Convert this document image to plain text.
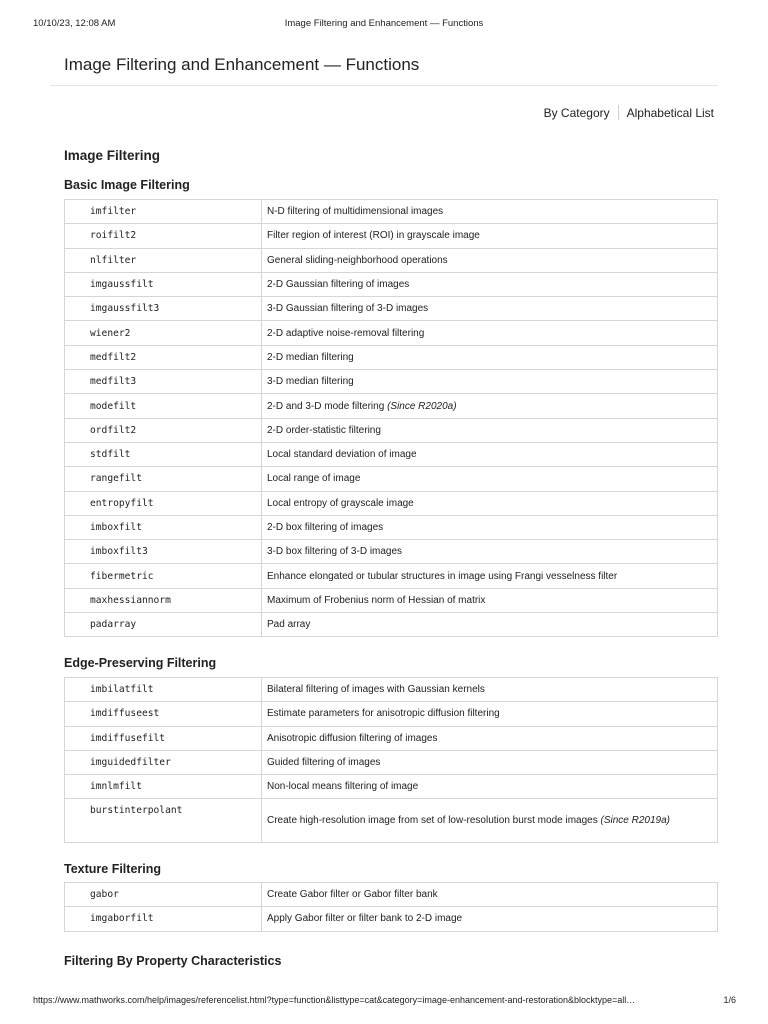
10/10/23, 12:08 AM	Image Filtering and Enhancement — Functions
Image Filtering and Enhancement — Functions
By Category Alphabetical List
Image Filtering
Basic Image Filtering
imfilter	N-D filtering of multidimensional images
roifilt2	Filter region of interest (ROI) in grayscale image
nlfilter	General sliding-neighborhood operations
imgaussfilt	2-D Gaussian filtering of images
imgaussfilt3	3-D Gaussian filtering of 3-D images
wiener2	2-D adaptive noise-removal filtering
medfilt2	2-D median filtering
medfilt3	3-D median filtering
modefilt	2-D and 3-D mode filtering (Since R2020a)
ordfilt2	2-D order-statistic filtering
stdfilt	Local standard deviation of image
rangefilt	Local range of image
entropyfilt	Local entropy of grayscale image
imboxfilt	2-D box filtering of images
imboxfilt3	3-D box filtering of 3-D images
fibermetric	Enhance elongated or tubular structures in image using Frangi vesselness filter
maxhessiannorm	Maximum of Frobenius norm of Hessian of matrix
padarray	Pad array
Edge-Preserving Filtering
imbilatfilt	Bilateral filtering of images with Gaussian kernels
imdiffuseest	Estimate parameters for anisotropic diffusion filtering
imdiffusefilt	Anisotropic diffusion filtering of images
imguidedfilter	Guided filtering of images
imnlmfilt	Non-local means filtering of image
burstinterpolant	Create high-resolution image from set of low-resolution burst mode images (Since R2019a)
Texture Filtering
gabor	Create Gabor filter or Gabor filter bank
imgaborfilt	Apply Gabor filter or filter bank to 2-D image
Filtering By Property Characteristics
https://www.mathworks.com/help/images/referencelist.html?type=function&listtype=cat&category=image-enhancement-and-restoration&blocktype=all…	1/6
